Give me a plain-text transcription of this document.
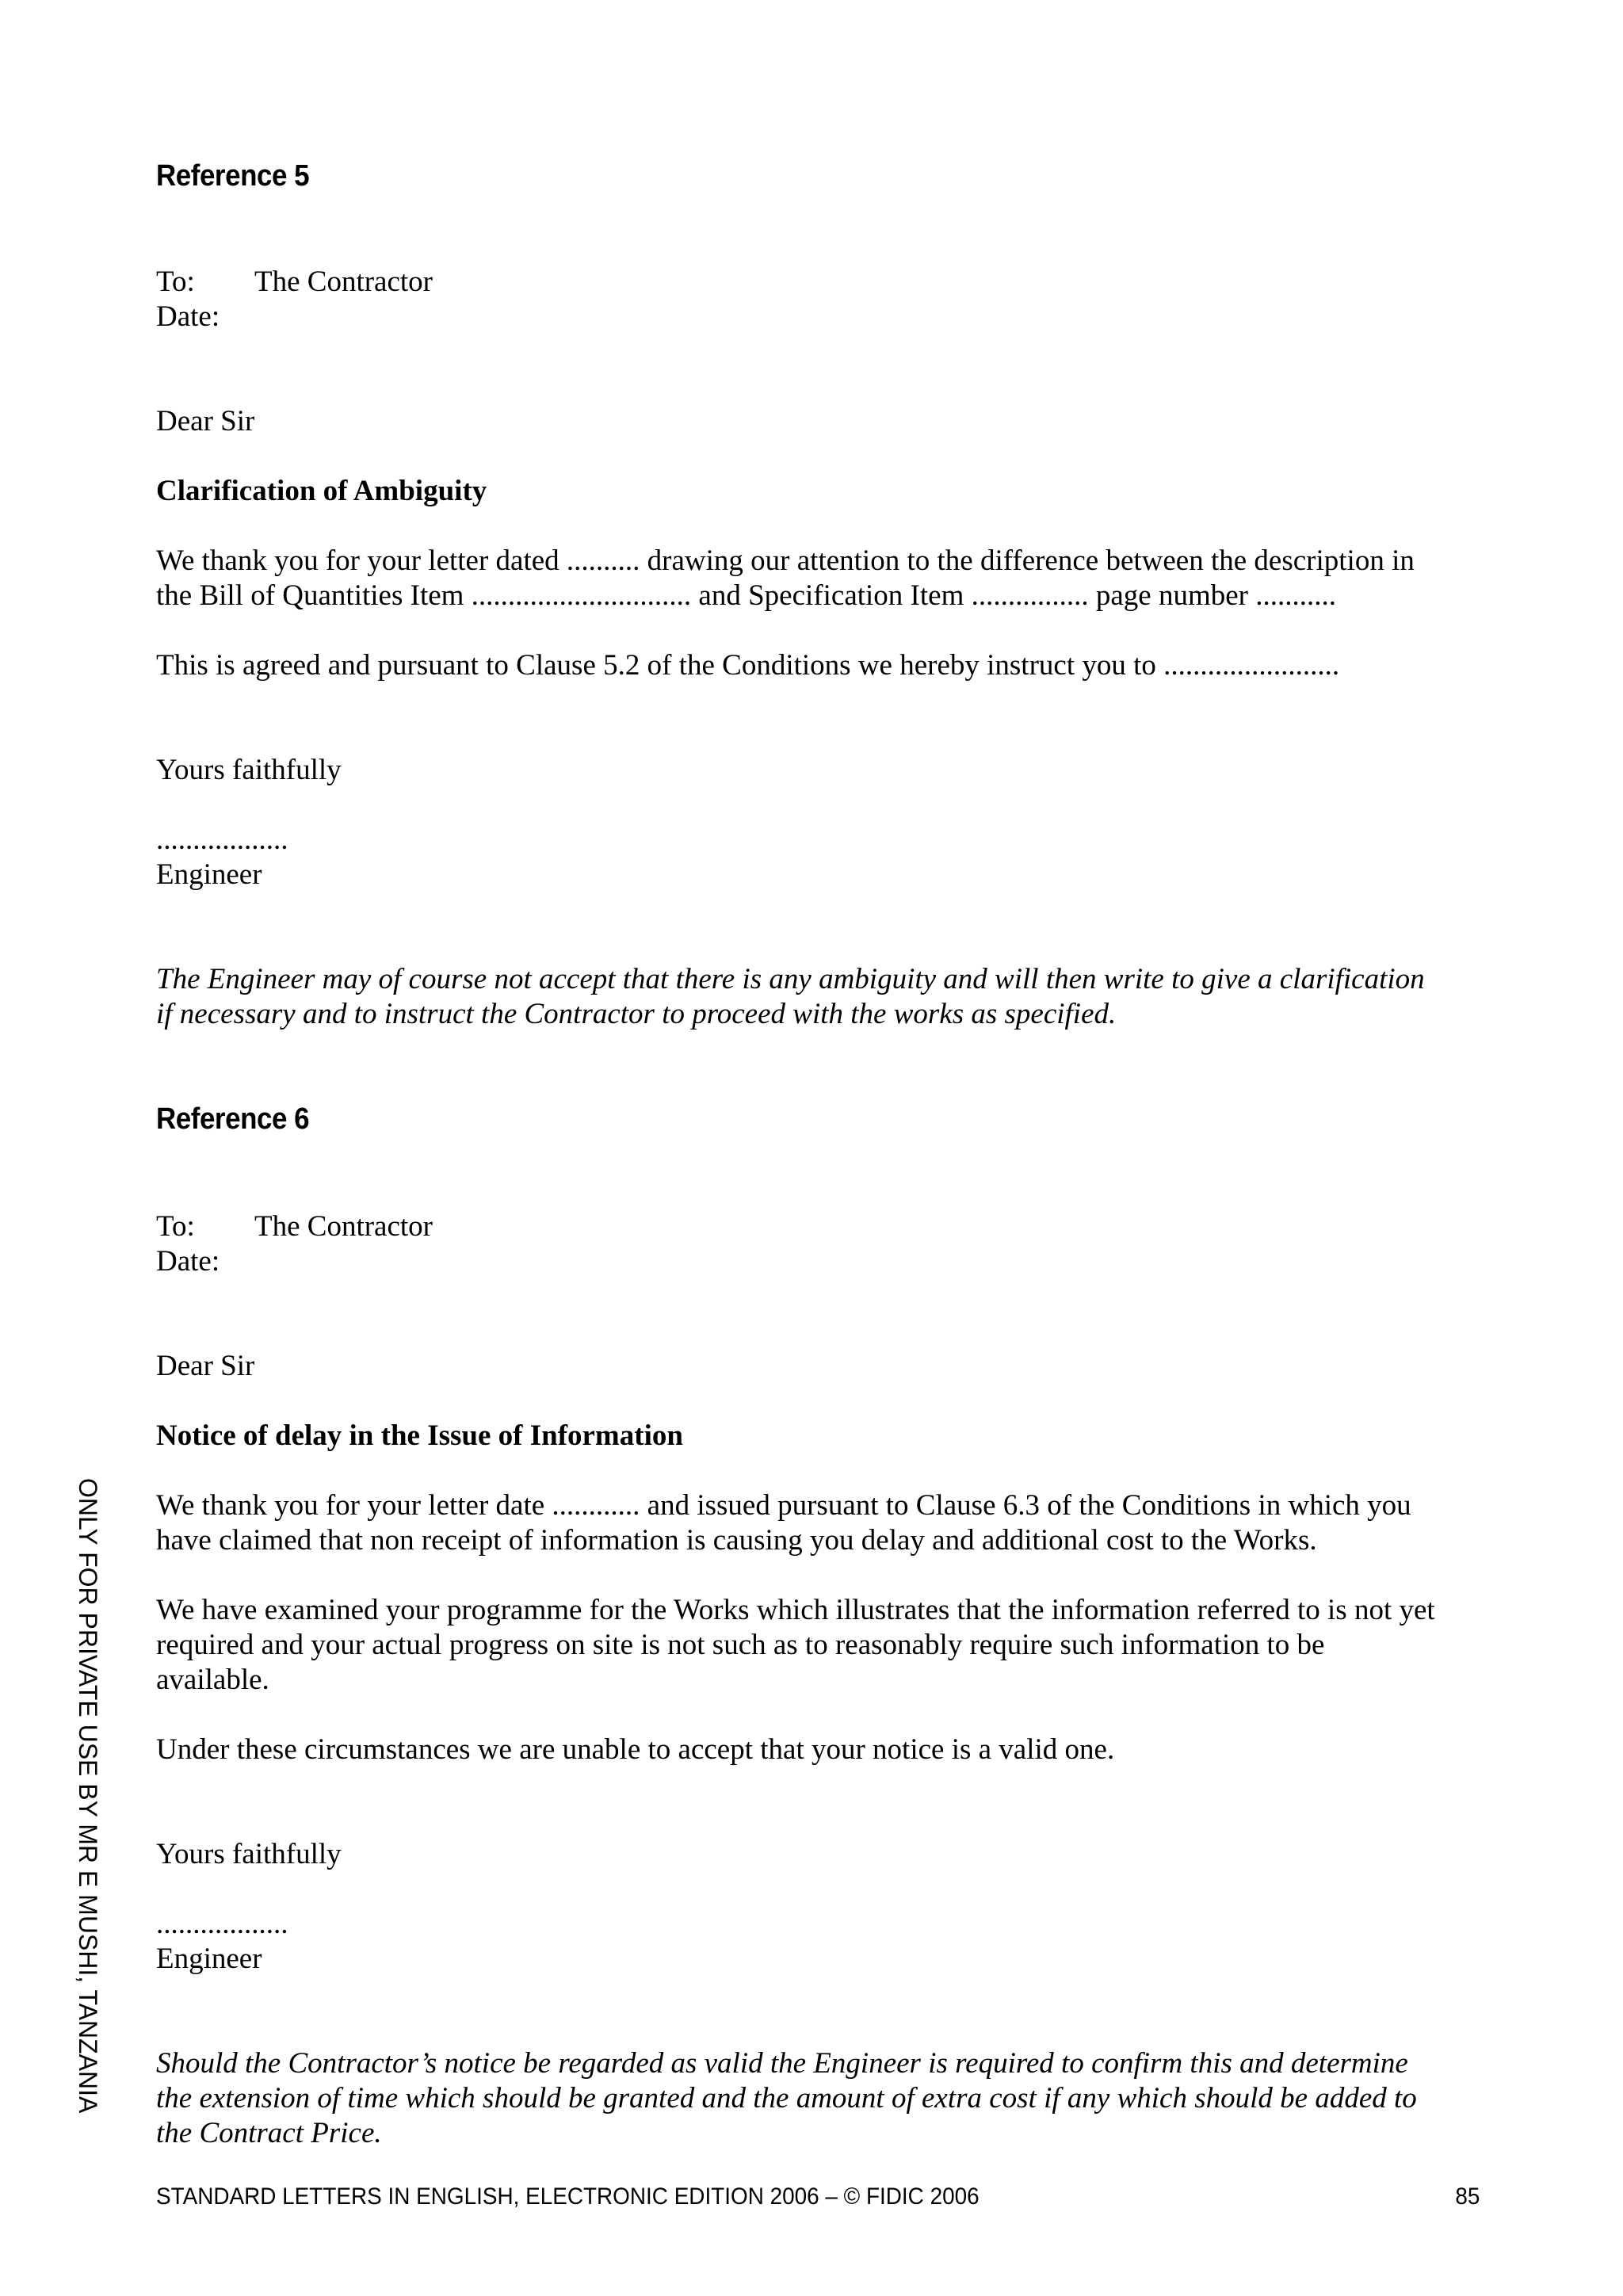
Reference 5
To: The Contractor
Date:
Dear Sir
Clarification of Ambiguity
We thank you for your letter dated .......... drawing our attention to the difference between the description in
the Bill of Quantities Item .............................. and Specification Item ................ page number ...........
This is agreed and pursuant to Clause 5.2 of the Conditions we hereby instruct you to ........................
Yours faithfully
..................
Engineer
The Engineer may of course not accept that there is any ambiguity and will then write to give a clarification
if necessary and to instruct the Contractor to proceed with the works as specified.
Reference 6
To: The Contractor
Date:
Dear Sir
Notice of delay in the Issue of Information
We thank you for your letter date ............ and issued pursuant to Clause 6.3 of the Conditions in which you
have claimed that non receipt of information is causing you delay and additional cost to the Works.
We have examined your programme for the Works which illustrates that the information referred to is not yet
required and your actual progress on site is not such as to reasonably require such information to be
available.
Under these circumstances we are unable to accept that your notice is a valid one.
Yours faithfully
..................
Engineer
Should the Contractor’s notice be regarded as valid the Engineer is required to confirm this and determine
the extension of time which should be granted and the amount of extra cost if any which should be added to
the Contract Price.
STANDARD LETTERS IN ENGLISH, ELECTRONIC EDITION 2006 – © FIDIC 2006	85
ONLY FOR PRIVATE USE BY MR E MUSHI, TANZANIA
